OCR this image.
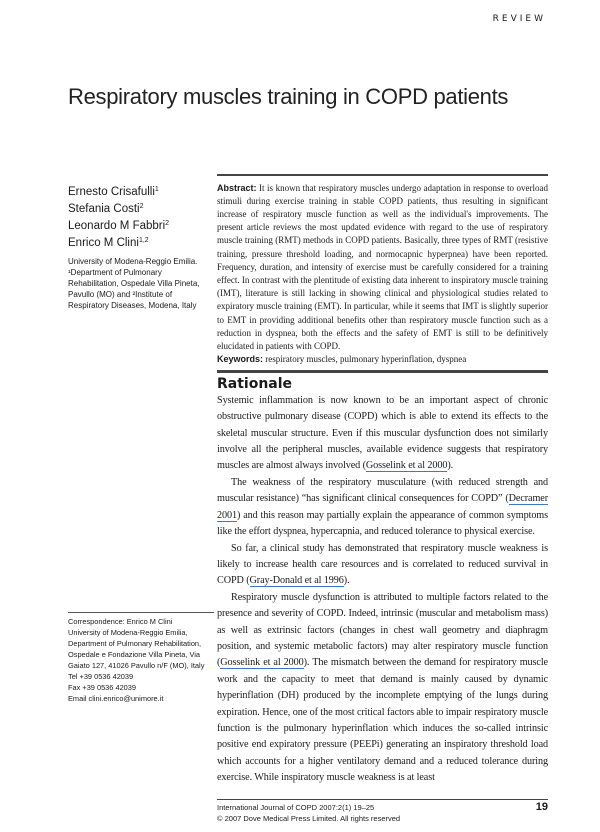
REVIEW
Respiratory muscles training in COPD patients
Ernesto Crisafulli$^1$
Stefania Costi$^2$
Leonardo M Fabbri$^2$
Enrico M Clini$^{1,2}$
University of Modena-Reggio Emilia. ¹Department of Pulmonary Rehabilitation, Ospedale Villa Pineta, Pavullo (MO) and ²Institute of Respiratory Diseases, Modena, Italy
Correspondence: Enrico M Clini
University of Modena-Reggio Emilia,
Department of Pulmonary Rehabilitation,
Ospedale e Fondazione Villa Pineta, Via
Gaiato 127, 41026 Pavullo n/F (MO), Italy
Tel +39 0536 42039
Fax +39 0536 42039
Email clini.enrico@unimore.it
Abstract: It is known that respiratory muscles undergo adaptation in response to overload stimuli during exercise training in stable COPD patients, thus resulting in significant increase of respiratory muscle function as well as the individual's improvements. The present article reviews the most updated evidence with regard to the use of respiratory muscle training (RMT) methods in COPD patients. Basically, three types of RMT (resistive training, pressure threshold loading, and normocapnic hyperpnea) have been reported. Frequency, duration, and intensity of exercise must be carefully considered for a training effect. In contrast with the plentitude of existing data inherent to inspiratory muscle training (IMT), literature is still lacking in showing clinical and physiological studies related to expiratory muscle training (EMT). In particular, while it seems that IMT is slightly superior to EMT in providing additional benefits other than respiratory muscle function such as a reduction in dyspnea, both the effects and the safety of EMT is still to be definitively elucidated in patients with COPD.
Keywords: respiratory muscles, pulmonary hyperinflation, dyspnea
Rationale

Systemic inflammation is now known to be an important aspect of chronic obstructive pulmonary disease (COPD) which is able to extend its effects to the skeletal muscular structure. Even if this muscular dysfunction does not similarly involve all the peripheral muscles, available evidence suggests that respiratory muscles are almost always involved (Gosselink et al 2000).

The weakness of the respiratory musculature (with reduced strength and muscular resistance) “has significant clinical consequences for COPD” (Decramer 2001) and this reason may partially explain the appearance of common symptoms like the effort dyspnea, hypercapnia, and reduced tolerance to physical exercise.

So far, a clinical study has demonstrated that respiratory muscle weakness is likely to increase health care resources and is correlated to reduced survival in COPD (Gray-Donald et al 1996).

Respiratory muscle dysfunction is attributed to multiple factors related to the presence and severity of COPD. Indeed, intrinsic (muscular and metabolism mass) as well as extrinsic factors (changes in chest wall geometry and diaphragm position, and systemic metabolic factors) may alter respiratory muscle function (Gosselink et al 2000). The mismatch between the demand for respiratory muscle work and the capacity to meet that demand is mainly caused by dynamic hyperinflation (DH) produced by the incomplete emptying of the lungs during expiration. Hence, one of the most critical factors able to impair respiratory muscle function is the pulmonary hyperinflation which induces the so-called intrinsic positive end expiratory pressure (PEEPi) generating an inspiratory threshold load which accounts for a higher ventilatory demand and a reduced tolerance during exercise. While inspiratory muscle weakness is at least

International Journal of COPD 2007:2(1) 19–25
© 2007 Dove Medical Press Limited. All rights reserved
19
